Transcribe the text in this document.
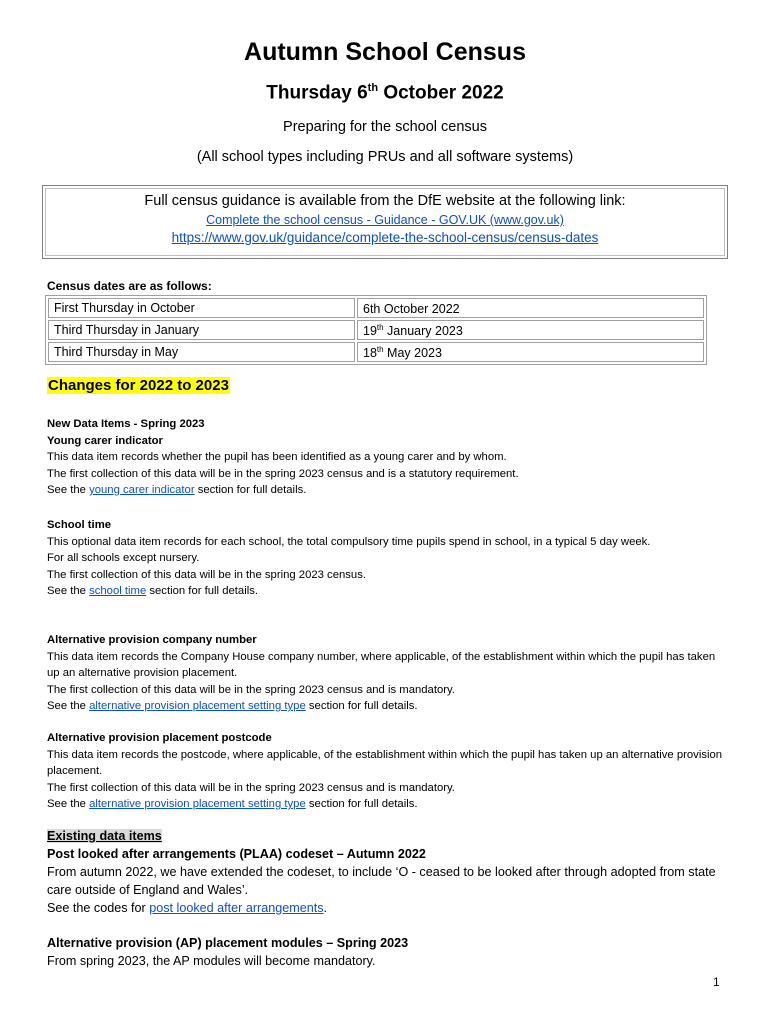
Autumn School Census
Thursday 6th October 2022
Preparing for the school census
(All school types including PRUs and all software systems)
Full census guidance is available from the DfE website at the following link:
Complete the school census - Guidance - GOV.UK (www.gov.uk)
https://www.gov.uk/guidance/complete-the-school-census/census-dates
Census dates are as follows:
First Thursday in October	6th October 2022
Third Thursday in January	19th January 2023
Third Thursday in May	18th May 2023
Changes for 2022 to 2023
New Data Items - Spring 2023
Young carer indicator
This data item records whether the pupil has been identified as a young carer and by whom.
The first collection of this data will be in the spring 2023 census and is a statutory requirement.
See the young carer indicator section for full details.
School time
This optional data item records for each school, the total compulsory time pupils spend in school, in a typical 5 day week.
For all schools except nursery.
The first collection of this data will be in the spring 2023 census.
See the school time section for full details.
Alternative provision company number
This data item records the Company House company number, where applicable, of the establishment within which the pupil has taken up an alternative provision placement.
The first collection of this data will be in the spring 2023 census and is mandatory.
See the alternative provision placement setting type section for full details.
Alternative provision placement postcode
This data item records the postcode, where applicable, of the establishment within which the pupil has taken up an alternative provision placement.
The first collection of this data will be in the spring 2023 census and is mandatory.
See the alternative provision placement setting type section for full details.
Existing data items
Post looked after arrangements (PLAA) codeset – Autumn 2022
From autumn 2022, we have extended the codeset, to include ‘O - ceased to be looked after through adopted from state care outside of England and Wales’.
See the codes for post looked after arrangements.
Alternative provision (AP) placement modules – Spring 2023
From spring 2023, the AP modules will become mandatory.
1
